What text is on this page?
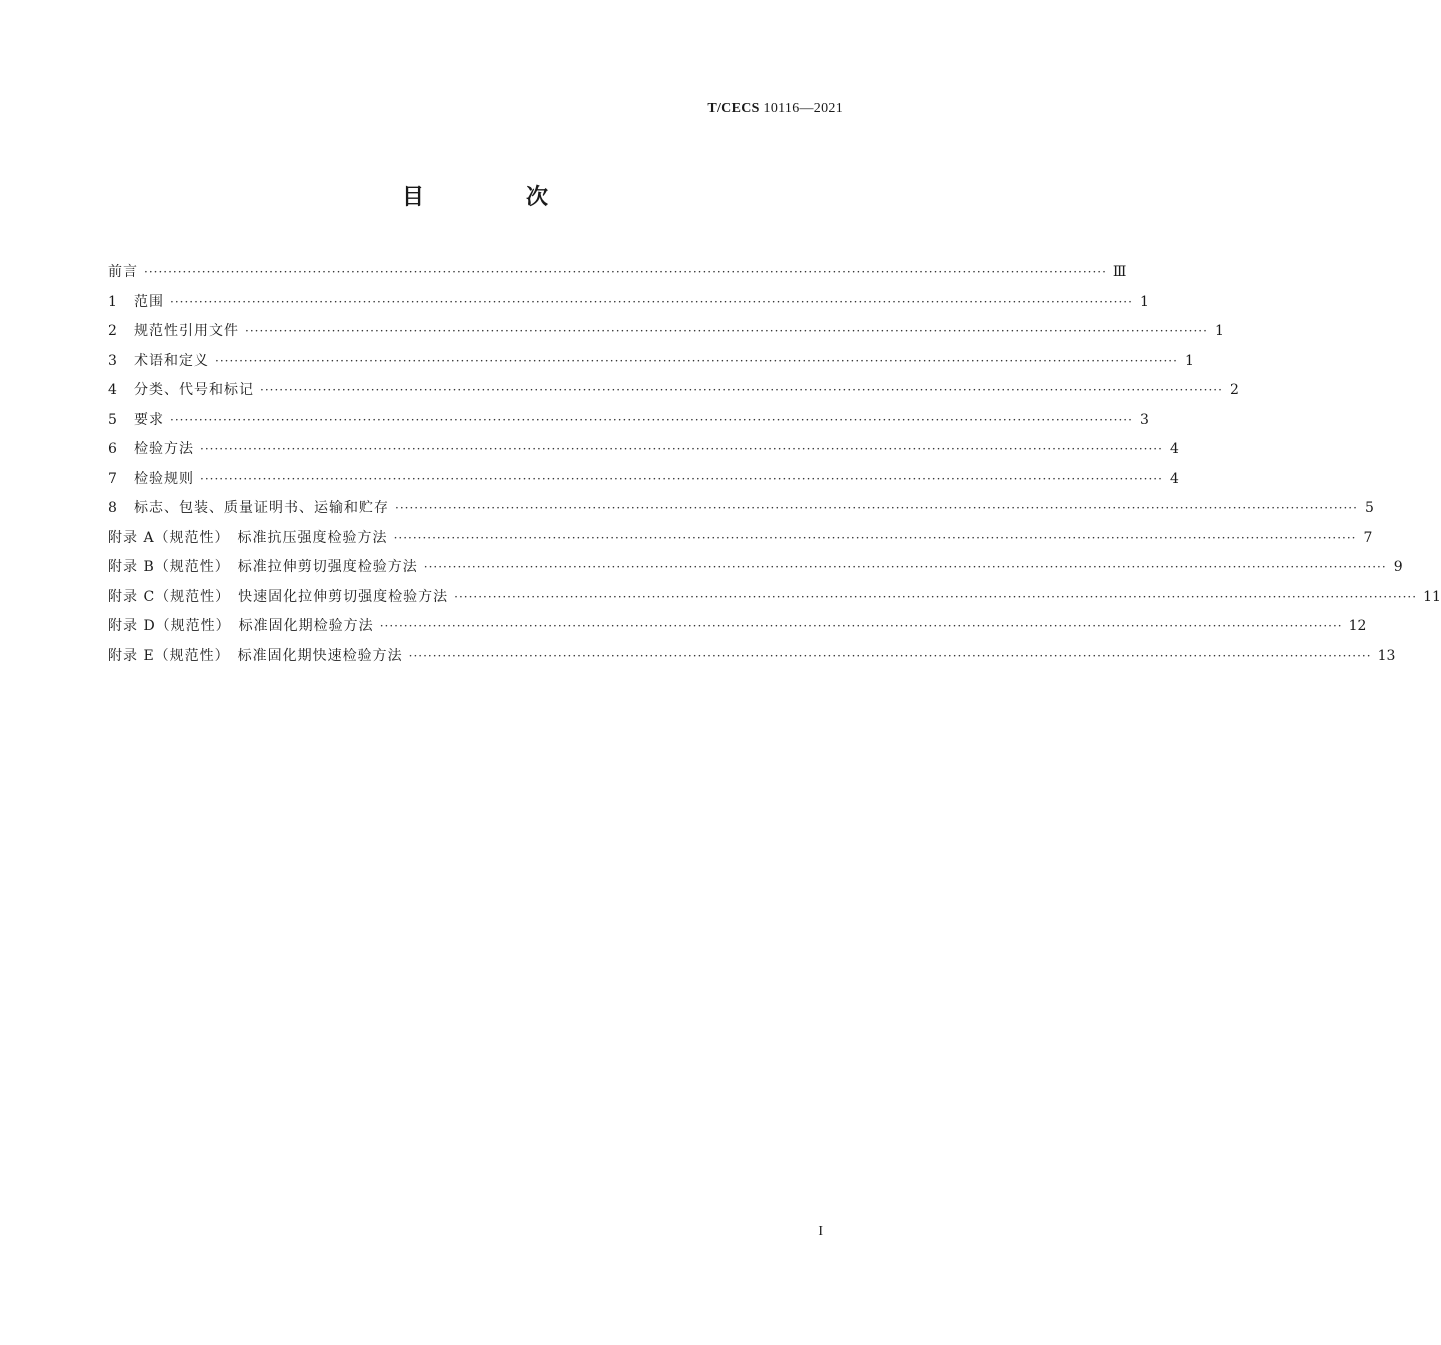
T/CECS 10116—2021
目　次
前言 ········································································································································································································ Ⅲ
1 范围 ········································································································································································································ 1
2 规范性引用文件 ········································································································································································································ 1
3 术语和定义 ········································································································································································································ 1
4 分类、代号和标记 ········································································································································································································ 2
5 要求 ········································································································································································································ 3
6 检验方法 ········································································································································································································ 4
7 检验规则 ········································································································································································································ 4
8 标志、包装、质量证明书、运输和贮存 ········································································································································································································ 5
附录 A（规范性）　标准抗压强度检验方法 ········································································································································································································ 7
附录 B（规范性）　标准拉伸剪切强度检验方法 ········································································································································································································ 9
附录 C（规范性）　快速固化拉伸剪切强度检验方法 ········································································································································································································ 11
附录 D（规范性）　标准固化期检验方法 ········································································································································································································ 12
附录 E（规范性）　标准固化期快速检验方法 ········································································································································································································ 13
I
